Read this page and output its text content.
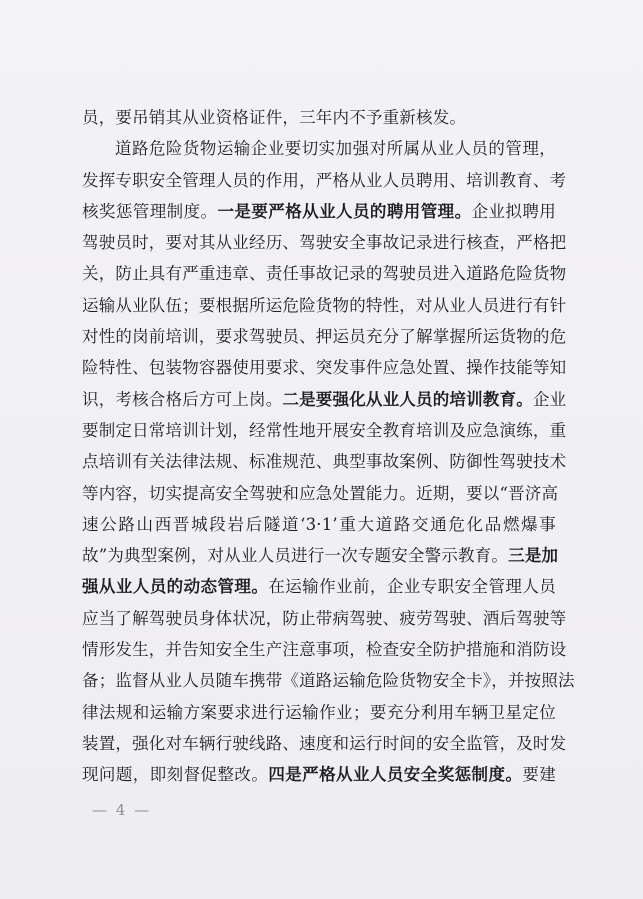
员，要吊销其从业资格证件，三年内不予重新核发。
道路危险货物运输企业要切实加强对所属从业人员的管理，
发挥专职安全管理人员的作用，严格从业人员聘用、培训教育、考
核奖惩管理制度。一是要严格从业人员的聘用管理。企业拟聘用
驾驶员时，要对其从业经历、驾驶安全事故记录进行核查，严格把
关，防止具有严重违章、责任事故记录的驾驶员进入道路危险货物
运输从业队伍；要根据所运危险货物的特性，对从业人员进行有针
对性的岗前培训，要求驾驶员、押运员充分了解掌握所运货物的危
险特性、包装物容器使用要求、突发事件应急处置、操作技能等知
识，考核合格后方可上岗。二是要强化从业人员的培训教育。企业
要制定日常培训计划，经常性地开展安全教育培训及应急演练，重
点培训有关法律法规、标准规范、典型事故案例、防御性驾驶技术
等内容，切实提高安全驾驶和应急处置能力。近期，要以“晋济高
速公路山西晋城段岩后隧道‘3·1’重大道路交通危化品燃爆事
故”为典型案例，对从业人员进行一次专题安全警示教育。三是加
强从业人员的动态管理。在运输作业前，企业专职安全管理人员
应当了解驾驶员身体状况，防止带病驾驶、疲劳驾驶、酒后驾驶等
情形发生，并告知安全生产注意事项，检查安全防护措施和消防设
备；监督从业人员随车携带《道路运输危险货物安全卡》，并按照法
律法规和运输方案要求进行运输作业；要充分利用车辆卫星定位
装置，强化对车辆行驶线路、速度和运行时间的安全监管，及时发
现问题，即刻督促整改。四是严格从业人员安全奖惩制度。要建
— 4 —
